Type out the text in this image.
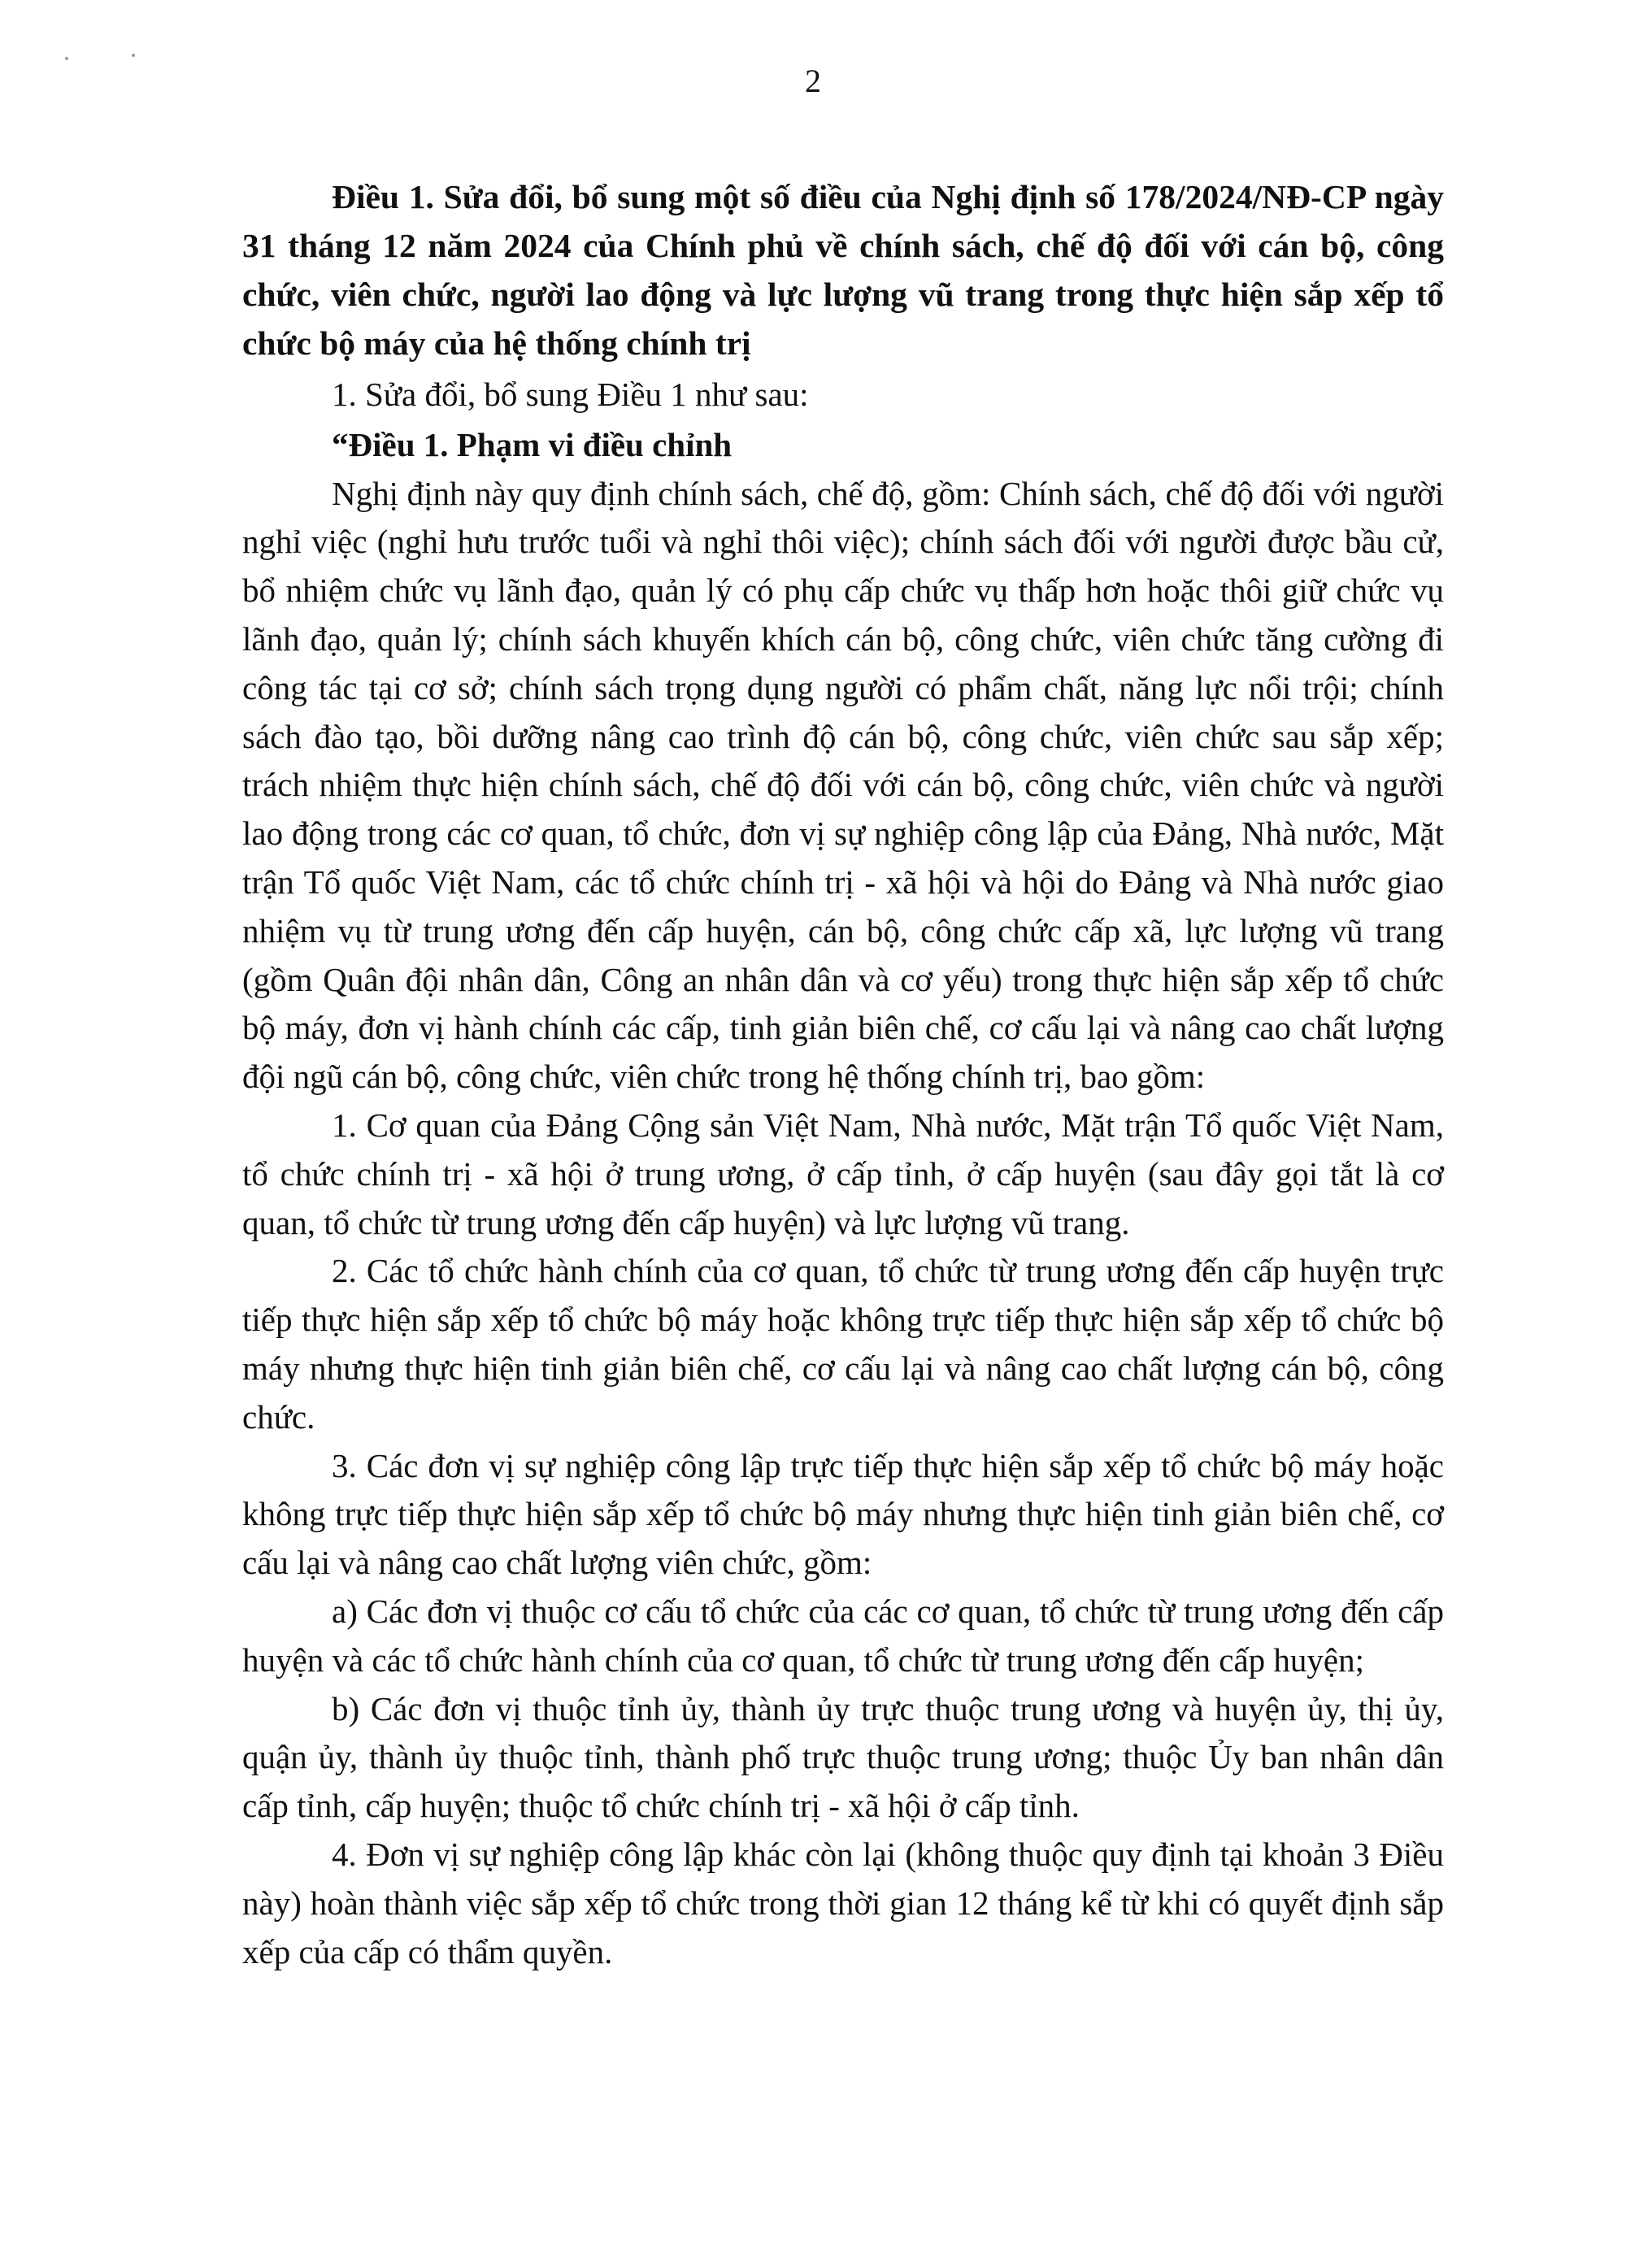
2

Điều 1. Sửa đổi, bổ sung một số điều của Nghị định số 178/2024/NĐ-CP ngày 31 tháng 12 năm 2024 của Chính phủ về chính sách, chế độ đối với cán bộ, công chức, viên chức, người lao động và lực lượng vũ trang trong thực hiện sắp xếp tổ chức bộ máy của hệ thống chính trị

1. Sửa đổi, bổ sung Điều 1 như sau:

“Điều 1. Phạm vi điều chỉnh

Nghị định này quy định chính sách, chế độ, gồm: Chính sách, chế độ đối với người nghỉ việc (nghỉ hưu trước tuổi và nghỉ thôi việc); chính sách đối với người được bầu cử, bổ nhiệm chức vụ lãnh đạo, quản lý có phụ cấp chức vụ thấp hơn hoặc thôi giữ chức vụ lãnh đạo, quản lý; chính sách khuyến khích cán bộ, công chức, viên chức tăng cường đi công tác tại cơ sở; chính sách trọng dụng người có phẩm chất, năng lực nổi trội; chính sách đào tạo, bồi dưỡng nâng cao trình độ cán bộ, công chức, viên chức sau sắp xếp; trách nhiệm thực hiện chính sách, chế độ đối với cán bộ, công chức, viên chức và người lao động trong các cơ quan, tổ chức, đơn vị sự nghiệp công lập của Đảng, Nhà nước, Mặt trận Tổ quốc Việt Nam, các tổ chức chính trị - xã hội và hội do Đảng và Nhà nước giao nhiệm vụ từ trung ương đến cấp huyện, cán bộ, công chức cấp xã, lực lượng vũ trang (gồm Quân đội nhân dân, Công an nhân dân và cơ yếu) trong thực hiện sắp xếp tổ chức bộ máy, đơn vị hành chính các cấp, tinh giản biên chế, cơ cấu lại và nâng cao chất lượng đội ngũ cán bộ, công chức, viên chức trong hệ thống chính trị, bao gồm:

1. Cơ quan của Đảng Cộng sản Việt Nam, Nhà nước, Mặt trận Tổ quốc Việt Nam, tổ chức chính trị - xã hội ở trung ương, ở cấp tỉnh, ở cấp huyện (sau đây gọi tắt là cơ quan, tổ chức từ trung ương đến cấp huyện) và lực lượng vũ trang.

2. Các tổ chức hành chính của cơ quan, tổ chức từ trung ương đến cấp huyện trực tiếp thực hiện sắp xếp tổ chức bộ máy hoặc không trực tiếp thực hiện sắp xếp tổ chức bộ máy nhưng thực hiện tinh giản biên chế, cơ cấu lại và nâng cao chất lượng cán bộ, công chức.

3. Các đơn vị sự nghiệp công lập trực tiếp thực hiện sắp xếp tổ chức bộ máy hoặc không trực tiếp thực hiện sắp xếp tổ chức bộ máy nhưng thực hiện tinh giản biên chế, cơ cấu lại và nâng cao chất lượng viên chức, gồm:

a) Các đơn vị thuộc cơ cấu tổ chức của các cơ quan, tổ chức từ trung ương đến cấp huyện và các tổ chức hành chính của cơ quan, tổ chức từ trung ương đến cấp huyện;

b) Các đơn vị thuộc tỉnh ủy, thành ủy trực thuộc trung ương và huyện ủy, thị ủy, quận ủy, thành ủy thuộc tỉnh, thành phố trực thuộc trung ương; thuộc Ủy ban nhân dân cấp tỉnh, cấp huyện; thuộc tổ chức chính trị - xã hội ở cấp tỉnh.

4. Đơn vị sự nghiệp công lập khác còn lại (không thuộc quy định tại khoản 3 Điều này) hoàn thành việc sắp xếp tổ chức trong thời gian 12 tháng kể từ khi có quyết định sắp xếp của cấp có thẩm quyền.
